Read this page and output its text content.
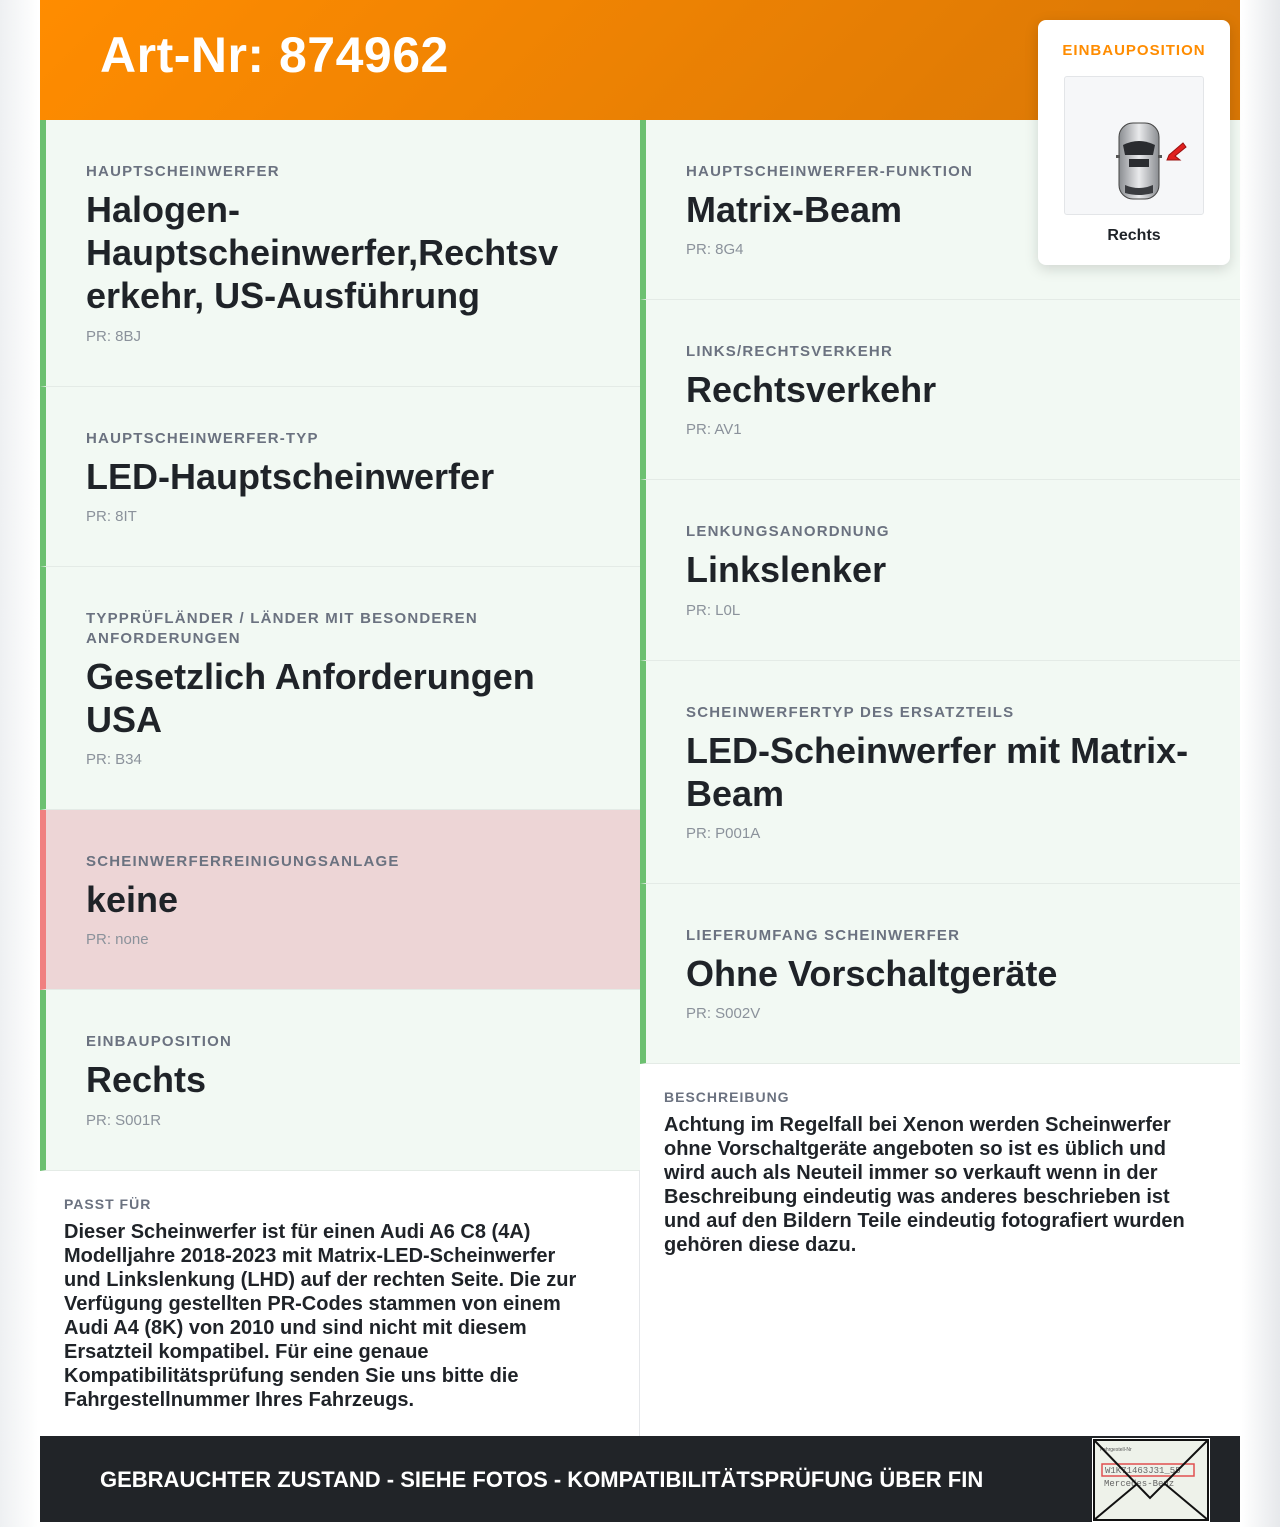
Art-Nr: 874962	EINBAUPOSITION
Rechts
HAUPTSCHEINWERFER
Halogen-
Hauptscheinwerfer,Rechtsv
erkehr, US-Ausführung
PR: 8BJ
HAUPTSCHEINWERFER-TYP
LED-Hauptscheinwerfer
PR: 8IT
TYPPRÜFLÄNDER / LÄNDER MIT BESONDEREN ANFORDERUNGEN
Gesetzlich Anforderungen USA
PR: B34
SCHEINWERFERREINIGUNGSANLAGE
keine
PR: none
EINBAUPOSITION
Rechts
PR: S001R
HAUPTSCHEINWERFER-FUNKTION
Matrix-Beam
PR: 8G4
LINKS/RECHTSVERKEHR
Rechtsverkehr
PR: AV1
LENKUNGSANORDNUNG
Linkslenker
PR: L0L
SCHEINWERFERTYP DES ERSATZTEILS
LED-Scheinwerfer mit Matrix-Beam
PR: P001A
LIEFERUMFANG SCHEINWERFER
Ohne Vorschaltgeräte
PR: S002V
PASST FÜR
Dieser Scheinwerfer ist für einen Audi A6 C8 (4A) Modelljahre 2018-2023 mit Matrix-LED-Scheinwerfer und Linkslenkung (LHD) auf der rechten Seite. Die zur Verfügung gestellten PR-Codes stammen von einem Audi A4 (8K) von 2010 und sind nicht mit diesem Ersatzteil kompatibel. Für eine genaue Kompatibilitätsprüfung senden Sie uns bitte die Fahrgestellnummer Ihres Fahrzeugs.
BESCHREIBUNG
Achtung im Regelfall bei Xenon werden Scheinwerfer ohne Vorschaltgeräte angeboten so ist es üblich und wird auch als Neuteil immer so verkauft wenn in der Beschreibung eindeutig was anderes beschrieben ist und auf den Bildern Teile eindeutig fotografiert wurden gehören diese dazu.
GEBRAUCHTER ZUSTAND - SIEHE FOTOS - KOMPATIBILITÄTSPRÜFUNG ÜBER FIN
Fahrgestell-Nr
W1K71463J31_55
Mercedes-Benz
